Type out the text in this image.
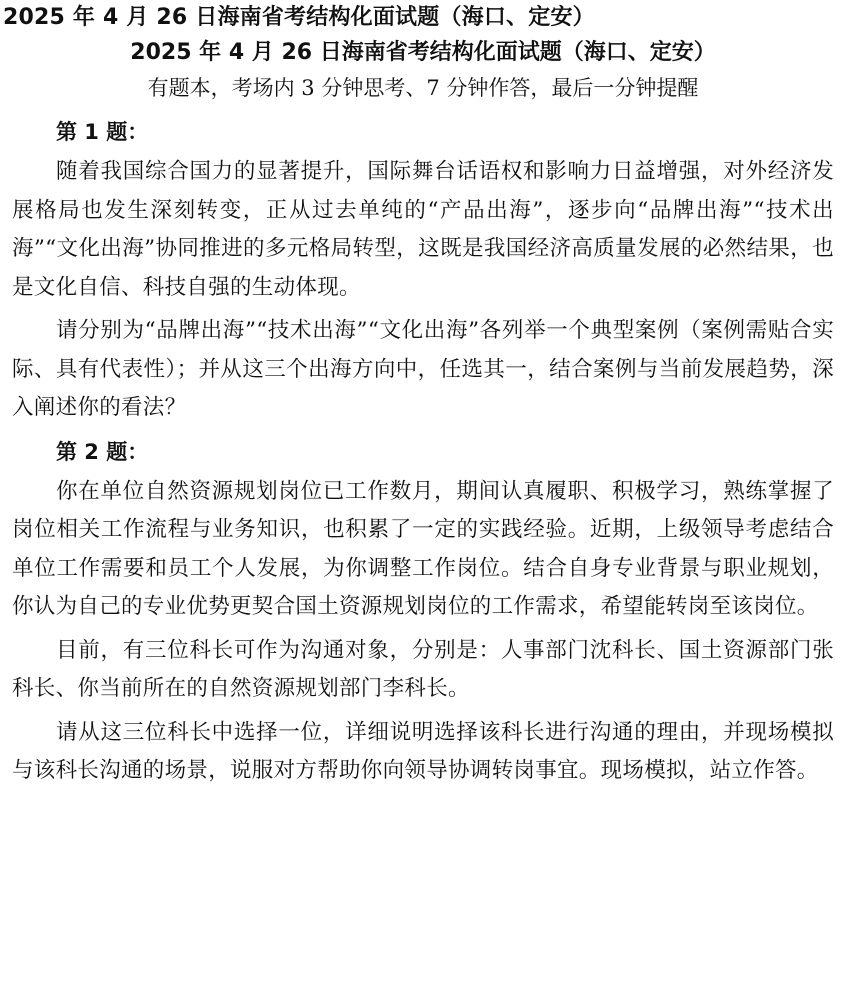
2025 年 4 月 26 日海南省考结构化面试题（海口、定安）
2025 年 4 月 26 日海南省考结构化面试题（海口、定安）
有题本，考场内 3 分钟思考、7 分钟作答，最后一分钟提醒
第 1 题：

随着我国综合国力的显著提升，国际舞台话语权和影响力日益增强，对外经济发展格局也发生深刻转变，正从过去单纯的“产品出海”，逐步向“品牌出海”“技术出海”“文化出海”协同推进的多元格局转型，这既是我国经济高质量发展的必然结果，也是文化自信、科技自强的生动体现。

请分别为“品牌出海”“技术出海”“文化出海”各列举一个典型案例（案例需贴合实际、具有代表性）；并从这三个出海方向中，任选其一，结合案例与当前发展趋势，深入阐述你的看法？

第 2 题：

你在单位自然资源规划岗位已工作数月，期间认真履职、积极学习，熟练掌握了岗位相关工作流程与业务知识，也积累了一定的实践经验。近期，上级领导考虑结合单位工作需要和员工个人发展，为你调整工作岗位。结合自身专业背景与职业规划，你认为自己的专业优势更契合国土资源规划岗位的工作需求，希望能转岗至该岗位。

目前，有三位科长可作为沟通对象，分别是：人事部门沈科长、国土资源部门张科长、你当前所在的自然资源规划部门李科长。

请从这三位科长中选择一位，详细说明选择该科长进行沟通的理由，并现场模拟与该科长沟通的场景，说服对方帮助你向领导协调转岗事宜。现场模拟，站立作答。
